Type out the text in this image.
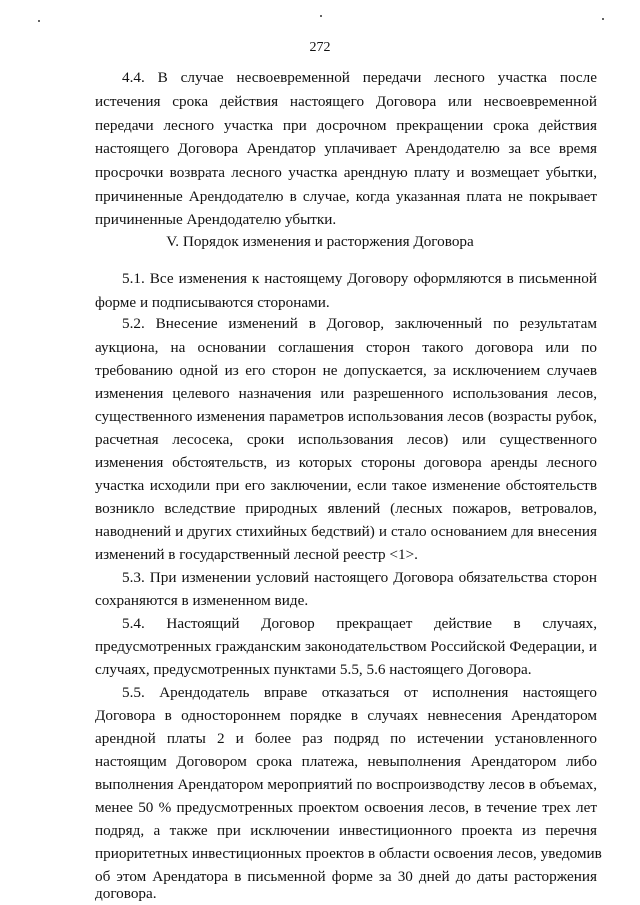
272
4.4. В случае несвоевременной передачи лесного участка после
истечения срока действия настоящего Договора или несвоевременной
передачи лесного участка при досрочном прекращении срока действия
настоящего Договора Арендатор уплачивает Арендодателю за все время
просрочки возврата лесного участка арендную плату и возмещает убытки,
причиненные Арендодателю в случае, когда указанная плата не покрывает
причиненные Арендодателю убытки.
V. Порядок изменения и расторжения Договора
5.1. Все изменения к настоящему Договору оформляются в письменной
форме и подписываются сторонами.
5.2. Внесение изменений в Договор, заключенный по результатам
аукциона, на основании соглашения сторон такого договора или по
требованию одной из его сторон не допускается, за исключением случаев
изменения целевого назначения или разрешенного использования лесов,
существенного изменения параметров использования лесов (возрасты рубок,
расчетная лесосека, сроки использования лесов) или существенного
изменения обстоятельств, из которых стороны договора аренды лесного
участка исходили при его заключении, если такое изменение обстоятельств
возникло вследствие природных явлений (лесных пожаров, ветровалов,
наводнений и других стихийных бедствий) и стало основанием для внесения
изменений в государственный лесной реестр <1>.
5.3. При изменении условий настоящего Договора обязательства сторон
сохраняются в измененном виде.
5.4. Настоящий Договор прекращает действие в случаях,
предусмотренных гражданским законодательством Российской Федерации, и
случаях, предусмотренных пунктами 5.5, 5.6 настоящего Договора.
5.5. Арендодатель вправе отказаться от исполнения настоящего
Договора в одностороннем порядке в случаях невнесения Арендатором
арендной платы 2 и более раз подряд по истечении установленного
настоящим Договором срока платежа, невыполнения Арендатором либо
выполнения Арендатором мероприятий по воспроизводству лесов в объемах,
менее 50 % предусмотренных проектом освоения лесов, в течение трех лет
подряд, а также при исключении инвестиционного проекта из перечня
приоритетных инвестиционных проектов в области освоения лесов, уведомив
об этом Арендатора в письменной форме за 30 дней до даты расторжения
договора.
